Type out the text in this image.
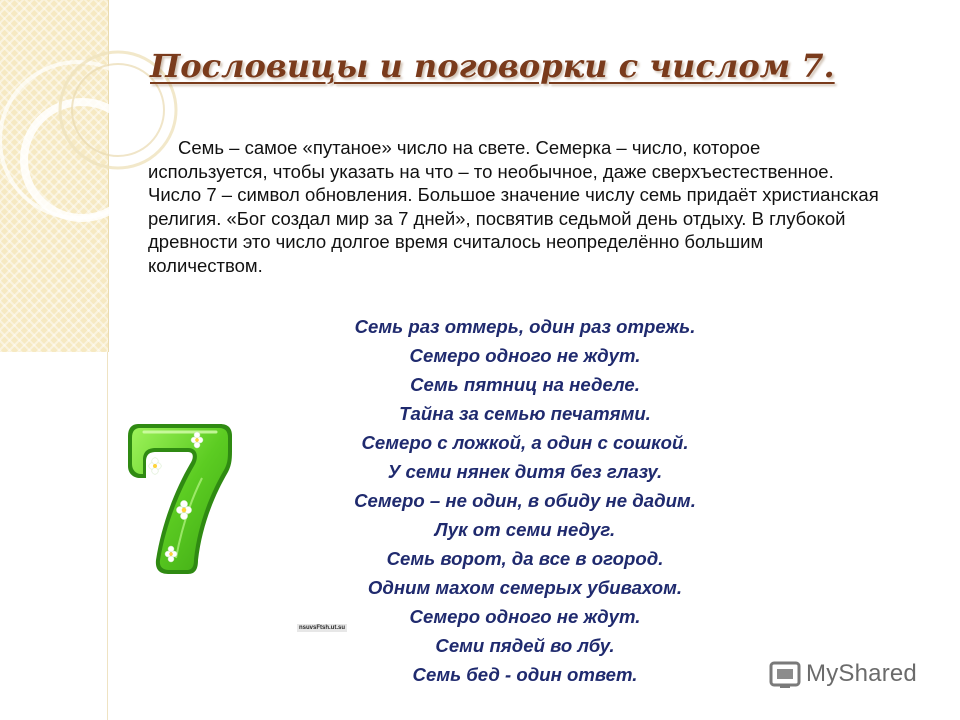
Пословицы и поговорки с числом 7.

Семь – самое «путаное» число на свете. Семерка – число, которое используется, чтобы указать на что – то необычное, даже сверхъестественное. Число 7 – символ обновления. Большое значение числу семь придаёт христианская религия. «Бог создал мир за 7 дней», посвятив седьмой день отдыху. В глубокой древности это число долгое время считалось неопределённо большим количеством.

Семь раз отмерь, один раз отрежь.
Семеро одного не ждут.
Семь пятниц на неделе.
Тайна за семью печатями.
Семеро с ложкой, а один с сошкой.
У семи нянек дитя без глазу.
Семеро – не один, в обиду не дадим.
Лук от семи недуг.
Семь ворот, да все в огород.
Одним махом семерых убивахом.
Семеро одного не ждут.
Семи пядей во лбу.
Семь бед - один ответ.
nsuvsFtsh.ut.su
MyShared
